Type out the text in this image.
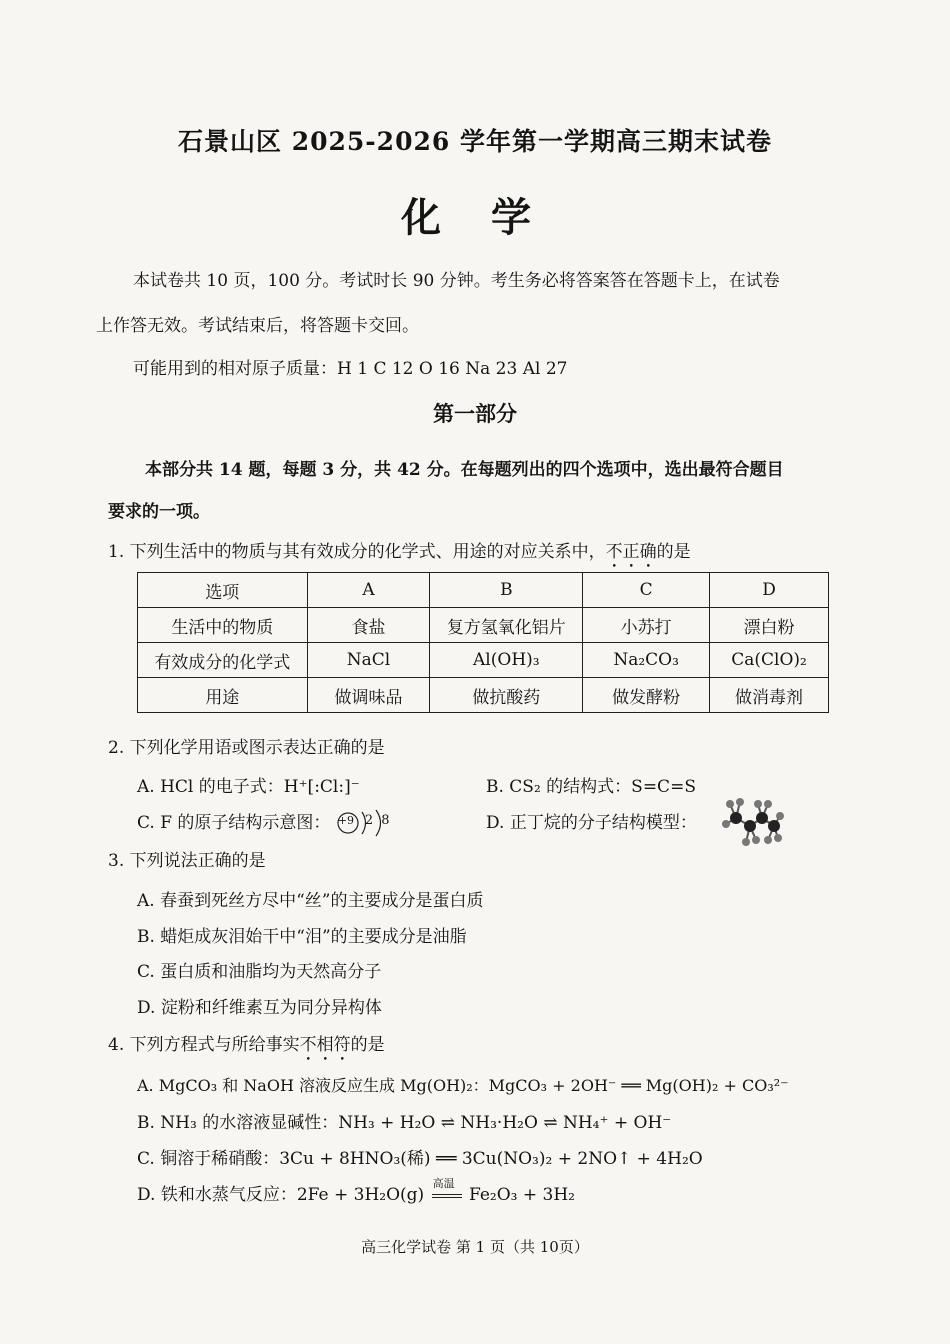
石景山区 2025-2026 学年第一学期高三期末试卷
化 学
本试卷共 10 页，100 分。考试时长 90 分钟。考生务必将答案答在答题卡上，在试卷
上作答无效。考试结束后，将答题卡交回。
可能用到的相对原子质量：H 1 C 12 O 16 Na 23 Al 27
第一部分
本部分共 14 题，每题 3 分，共 42 分。在每题列出的四个选项中，选出最符合题目
要求的一项。
1. 下列生活中的物质与其有效成分的化学式、用途的对应关系中，不正确的是
选项	A	B	C	D
生活中的物质	食盐	复方氢氧化铝片	小苏打	漂白粉
有效成分的化学式	NaCl	Al(OH)₃	Na₂CO₃	Ca(ClO)₂
用途	做调味品	做抗酸药	做发酵粉	做消毒剂
2. 下列化学用语或图示表达正确的是
A. HCl 的电子式：H⁺[:Cl:]⁻	B. CS₂ 的结构式：S=C=S
C. F 的原子结构示意图： +9 2 8	D. 正丁烷的分子结构模型：
3. 下列说法正确的是
A. 春蚕到死丝方尽中“丝”的主要成分是蛋白质
B. 蜡炬成灰泪始干中“泪”的主要成分是油脂
C. 蛋白质和油脂均为天然高分子
D. 淀粉和纤维素互为同分异构体
4. 下列方程式与所给事实不相符的是
A. MgCO₃ 和 NaOH 溶液反应生成 Mg(OH)₂：MgCO₃ + 2OH⁻ ══ Mg(OH)₂ + CO₃²⁻
B. NH₃ 的水溶液显碱性：NH₃ + H₂O ⇌ NH₃·H₂O ⇌ NH₄⁺ + OH⁻
C. 铜溶于稀硝酸：3Cu + 8HNO₃(稀) ══ 3Cu(NO₃)₂ + 2NO↑ + 4H₂O
D. 铁和水蒸气反应：2Fe + 3H₂O(g)
高温
Fe₂O₃ + 3H₂
高三化学试卷 第 1 页（共 10页）
